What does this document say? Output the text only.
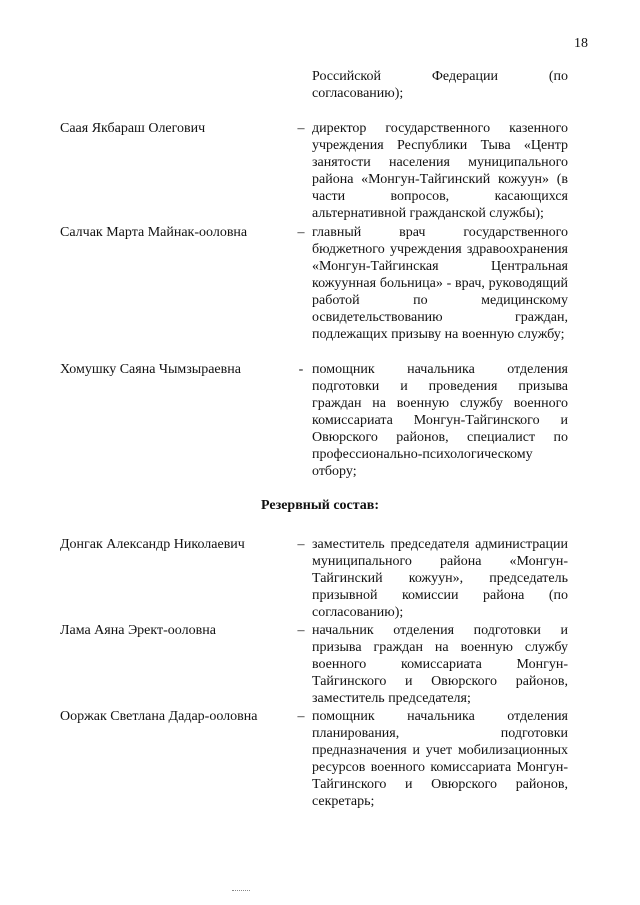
18
Российской Федерации (по согласованию);
Саая Якбараш Олегович	– директор государственного казенного учреждения Республики Тыва «Центр занятости населения муниципального района «Монгун-Тайгинский кожуун» (в части вопросов, касающихся альтернативной гражданской службы);
Салчак Марта Майнак-ооловна	– главный врач государственного бюджетного учреждения здравоохранения «Монгун-Тайгинская Центральная кожуунная больница» - врач, руководящий работой по медицинскому освидетельствованию граждан, подлежащих призыву на военную службу;
Хомушку Саяна Чымзыраевна	- помощник начальника отделения подготовки и проведения призыва граждан на военную службу военного комиссариата Монгун-Тайгинского и Овюрского районов, специалист по профессионально-психологическому отбору;
Резервный состав:
Донгак Александр Николаевич	– заместитель председателя администрации муниципального района «Монгун-Тайгинский кожуун», председатель призывной комиссии района (по согласованию);
Лама Аяна Эрект-ооловна	– начальник отделения подготовки и призыва граждан на военную службу военного комиссариата Монгун-Тайгинского и Овюрского районов, заместитель председателя;
Ооржак Светлана Дадар-ооловна	– помощник начальника отделения планирования, подготовки предназначения и учет мобилизационных ресурсов военного комиссариата Монгун-Тайгинского и Овюрского районов, секретарь;
